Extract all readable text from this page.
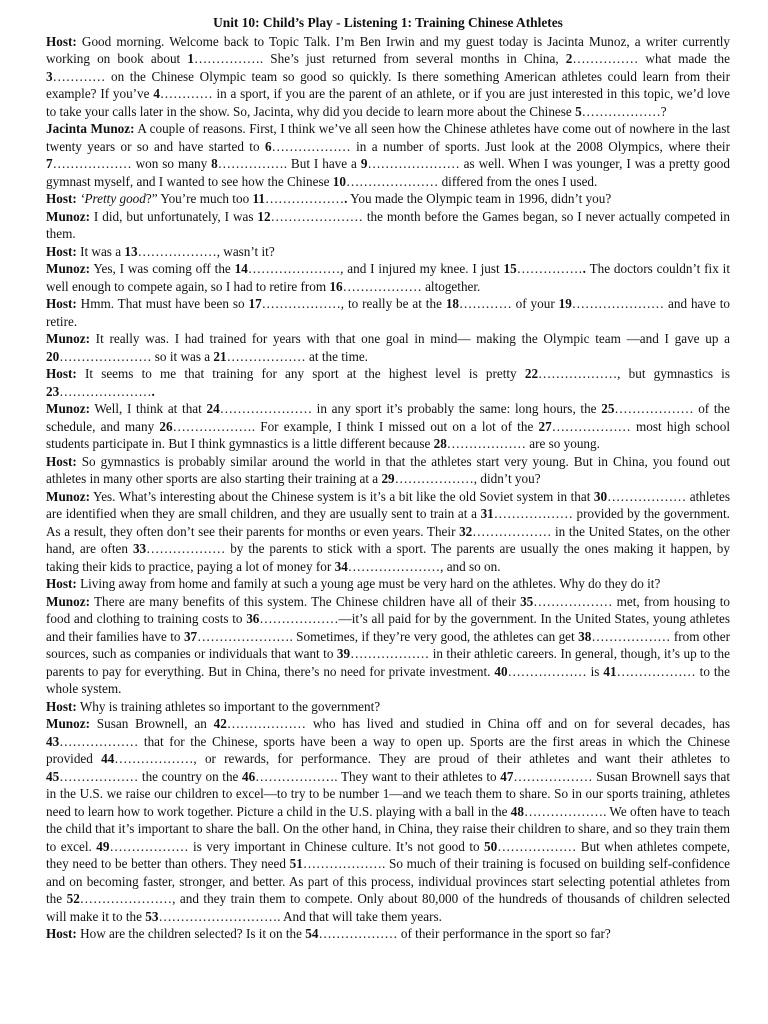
Unit 10: Child’s Play - Listening 1: Training Chinese Athletes

Host: Good morning. Welcome back to Topic Talk. I’m Ben Irwin and my guest today is Jacinta Munoz, a writer currently working on book about 1……………. She’s just returned from several months in China, 2…………… what made the 3………… on the Chinese Olympic team so good so quickly. Is there something American athletes could learn from their example? If you’ve 4………… in a sport, if you are the parent of an athlete, or if you are just interested in this topic, we’d love to take your calls later in the show. So, Jacinta, why did you decide to learn more about the Chinese 5………………?

Jacinta Munoz: A couple of reasons. First, I think we’ve all seen how the Chinese athletes have come out of nowhere in the last twenty years or so and have started to 6……………… in a number of sports. Just look at the 2008 Olympics, where their 7……………… won so many 8……………. But I have a 9………………… as well. When I was younger, I was a pretty good gymnast myself, and I wanted to see how the Chinese 10………………… differed from the ones I used.

Host: ‘Pretty good?” You’re much too 11………………. You made the Olympic team in 1996, didn’t you?

Munoz: I did, but unfortunately, I was 12………………… the month before the Games began, so I never actually competed in them.

Host: It was a 13………………, wasn’t it?

Munoz: Yes, I was coming off the 14…………………, and I injured my knee. I just 15……………. The doctors couldn’t fix it well enough to compete again, so I had to retire from 16……………… altogether.

Host: Hmm. That must have been so 17………………, to really be at the 18………… of your 19………………… and have to retire.

Munoz: It really was. I had trained for years with that one goal in mind— making the Olympic team —and I gave up a 20………………… so it was a 21……………… at the time.

Host: It seems to me that training for any sport at the highest level is pretty 22………………, but gymnastics is 23………………….

Munoz: Well, I think at that 24………………… in any sport it’s probably the same: long hours, the 25……………… of the schedule, and many 26………………. For example, I think I missed out on a lot of the 27……………… most high school students participate in. But I think gymnastics is a little different because 28……………… are so young.

Host: So gymnastics is probably similar around the world in that the athletes start very young. But in China, you found out athletes in many other sports are also starting their training at a 29………………, didn’t you?

Munoz: Yes. What’s interesting about the Chinese system is it’s a bit like the old Soviet system in that 30……………… athletes are identified when they are small children, and they are usually sent to train at a 31……………… provided by the government. As a result, they often don’t see their parents for months or even years. Their 32……………… in the United States, on the other hand, are often 33……………… by the parents to stick with a sport. The parents are usually the ones making it happen, by taking their kids to practice, paying a lot of money for 34…………………, and so on.

Host: Living away from home and family at such a young age must be very hard on the athletes. Why do they do it?

Munoz: There are many benefits of this system. The Chinese children have all of their 35……………… met, from housing to food and clothing to training costs to 36………………—it’s all paid for by the government. In the United States, young athletes and their families have to 37…………………. Sometimes, if they’re very good, the athletes can get 38……………… from other sources, such as companies or individuals that want to 39……………… in their athletic careers. In general, though, it’s up to the parents to pay for everything. But in China, there’s no need for private investment. 40……………… is 41……………… to the whole system.

Host: Why is training athletes so important to the government?

Munoz: Susan Brownell, an 42……………… who has lived and studied in China off and on for several decades, has 43……………… that for the Chinese, sports have been a way to open up. Sports are the first areas in which the Chinese provided 44………………, or rewards, for performance. They are proud of their athletes and want their athletes to 45……………… the country on the 46………………. They want to their athletes to 47……………… Susan Brownell says that in the U.S. we raise our children to excel—to try to be number 1—and we teach them to share. So in our sports training, athletes need to learn how to work together. Picture a child in the U.S. playing with a ball in the 48………………. We often have to teach the child that it’s important to share the ball. On the other hand, in China, they raise their children to share, and so they train them to excel. 49……………… is very important in Chinese culture. It’s not good to 50……………… But when athletes compete, they need to be better than others. They need 51………………. So much of their training is focused on building self-confidence and on becoming faster, stronger, and better. As part of this process, individual provinces start selecting potential athletes from the 52…………………, and they train them to compete. Only about 80,000 of the hundreds of thousands of children selected will make it to the 53………………………. And that will take them years.

Host: How are the children selected? Is it on the 54……………… of their performance in the sport so far?
